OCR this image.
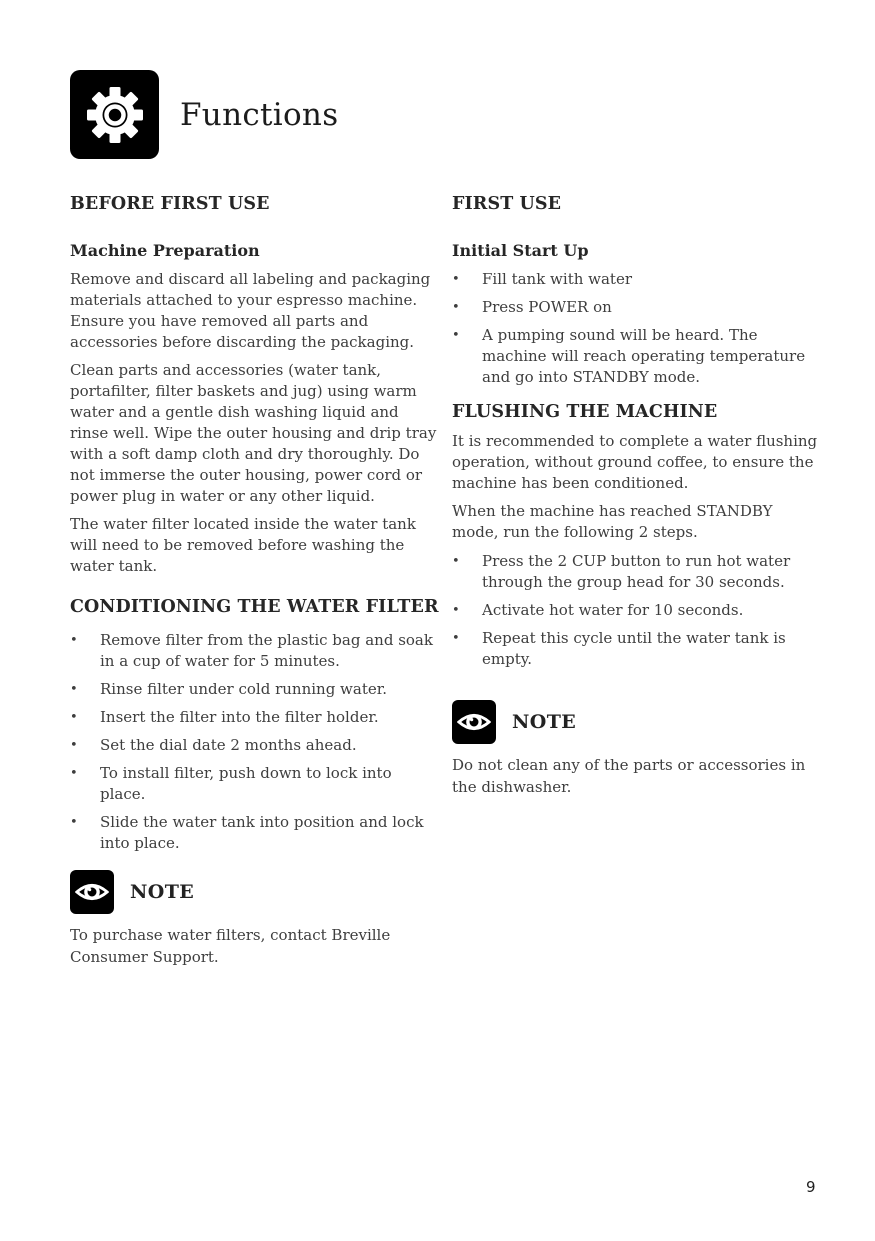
Functions
BEFORE FIRST USE
Machine Preparation

Remove and discard all labeling and packaging materials attached to your espresso machine. Ensure you have removed all parts and accessories before discarding the packaging.

Clean parts and accessories (water tank, portafilter, filter baskets and jug) using warm water and a gentle dish washing liquid and rinse well. Wipe the outer housing and drip tray with a soft damp cloth and dry thoroughly. Do not immerse the outer housing, power cord or power plug in water or any other liquid.

The water filter located inside the water tank will need to be removed before washing the water tank.

CONDITIONING THE WATER FILTER
•	Remove filter from the plastic bag and soak in a cup of water for 5 minutes.
•	Rinse filter under cold running water.
•	Insert the filter into the filter holder.
•	Set the dial date 2 months ahead.
•	To install filter, push down to lock into place.
•	Slide the water tank into position and lock into place.
NOTE

To purchase water filters, contact Breville Consumer Support.

FIRST USE
Initial Start Up
•	Fill tank with water
•	Press POWER on
•	A pumping sound will be heard. The machine will reach operating temperature and go into STANDBY mode.
FLUSHING THE MACHINE

It is recommended to complete a water flushing operation, without ground coffee, to ensure the machine has been conditioned.

When the machine has reached STANDBY mode, run the following 2 steps.

•	Press the 2 CUP button to run hot water through the group head for 30 seconds.
•	Activate hot water for 10 seconds.
•	Repeat this cycle until the water tank is empty.
NOTE

Do not clean any of the parts or accessories in the dishwasher.

9
